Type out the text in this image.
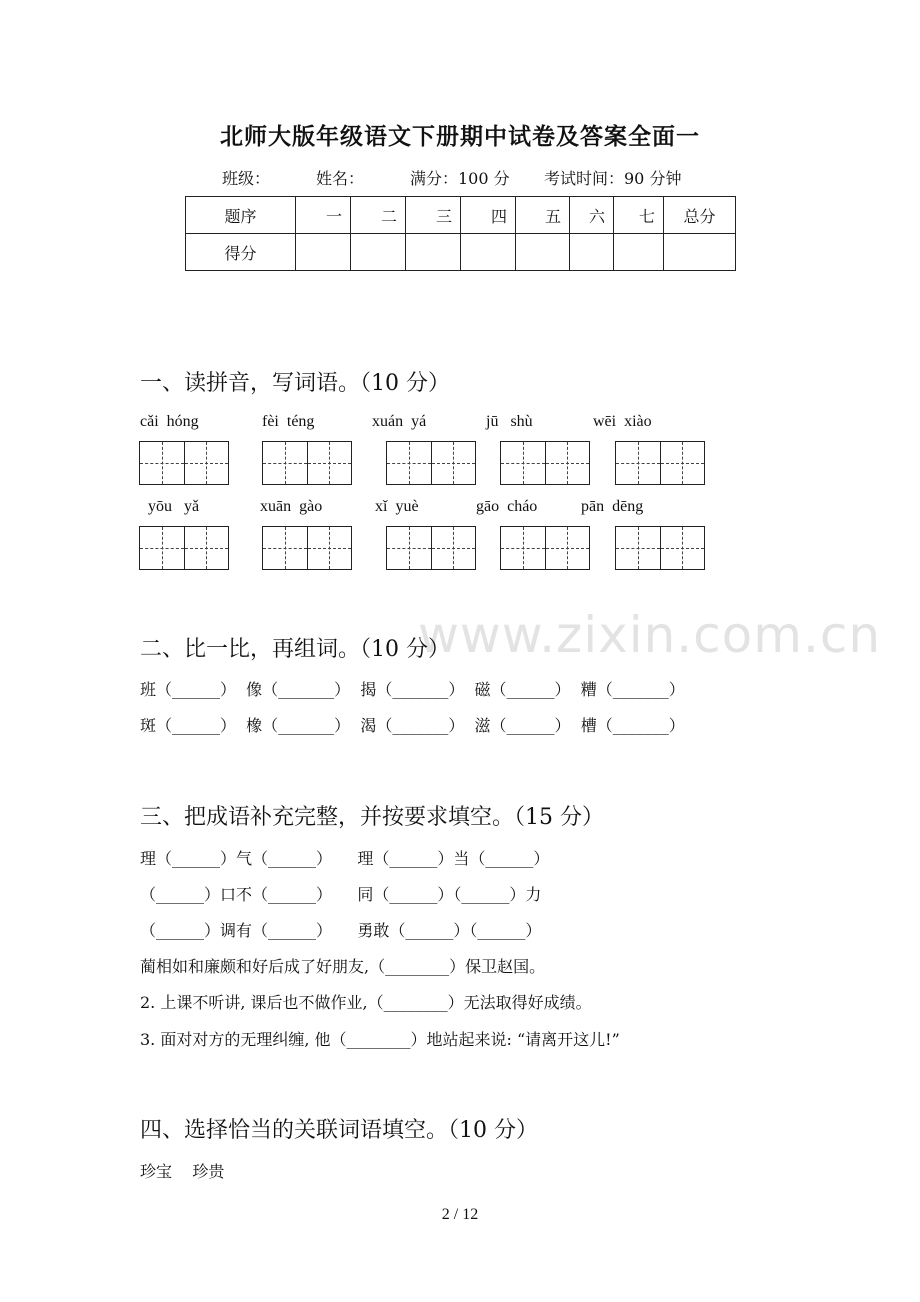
www.zixin.com.cn
北师大版年级语文下册期中试卷及答案全面一
班级：	姓名：	满分：100 分 考试时间：90 分钟
题序	一	二	三	四	五	六	七	总分
得分								
一、读拼音，写词语。（10 分）
cǎi  hóng	fèi  téng	xuán  yá	jū   shù	wēi  xiào
yōu   yǎ	xuān  gào	xǐ  yuè	gāo  cháo	pān  dēng
二、比一比，再组词。（10 分）
班（______）  像（_______）  揭（_______）  磁（______）  糟（_______）
斑（______）  橡（_______）  渴（_______）  滋（______）  槽（_______）
三、把成语补充完整，并按要求填空。（15 分）
理（______）气（______）     理（______）当（______）
（______）口不（______）     同（______）（______）力
（______）调有（______）     勇敢（______）（______）
蔺相如和廉颇和好后成了好朋友,（________）保卫赵国。
2. 上课不听讲, 课后也不做作业,（________）无法取得好成绩。
3. 面对对方的无理纠缠, 他（________）地站起来说: “请离开这儿!”
四、选择恰当的关联词语填空。（10 分）
珍宝    珍贵
2 / 12
